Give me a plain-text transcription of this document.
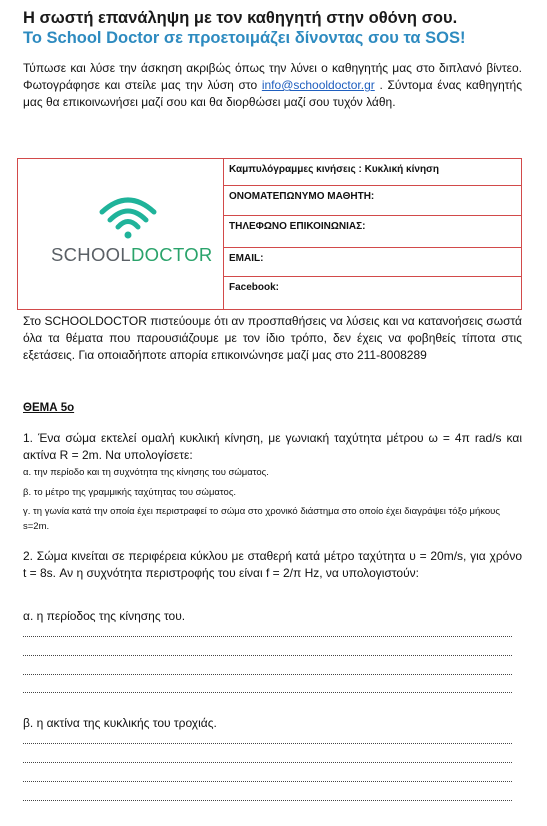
Η σωστή επανάληψη με τον καθηγητή στην οθόνη σου.
Το School Doctor σε προετοιμάζει δίνοντας σου τα SOS!
Τύπωσε και λύσε την άσκηση ακριβώς όπως την λύνει ο καθηγητής μας στο διπλανό βίντεο. Φωτογράφησε και στείλε μας την λύση στο info@schooldoctor.gr . Σύντομα ένας καθηγητής μας θα επικοινωνήσει μαζί σου και θα διορθώσει μαζί σου τυχόν λάθη.
SCHOOLDOCTOR
Καμπυλόγραμμες κινήσεις : Κυκλική κίνηση
ΟΝΟΜΑΤΕΠΩΝΥΜΟ ΜΑΘΗΤΗ:
ΤΗΛΕΦΩΝΟ ΕΠΙΚΟΙΝΩΝΙΑΣ:
EMAIL:
Facebook:
Στο SCHOOLDOCTOR πιστεύουμε ότι αν προσπαθήσεις να λύσεις και να κατανοήσεις σωστά όλα τα θέματα που παρουσιάζουμε με τον ίδιο τρόπο, δεν έχεις να φοβηθείς τίποτα στις εξετάσεις. Για οποιαδήποτε απορία επικοινώνησε μαζί μας στο 211-8008289
ΘΕΜΑ 5ο
1. Ένα σώμα εκτελεί ομαλή κυκλική κίνηση, με γωνιακή ταχύτητα μέτρου ω = 4π rad/s και ακτίνα R = 2m. Να υπολογίσετε:
α. την περίοδο και τη συχνότητα της κίνησης του σώματος.
β. το μέτρο της γραμμικής ταχύτητας του σώματος.
γ. τη γωνία κατά την οποία έχει περιστραφεί το σώμα στο χρονικό διάστημα στο οποίο έχει διαγράψει τόξο μήκους s=2m.
2. Σώμα κινείται σε περιφέρεια κύκλου με σταθερή κατά μέτρο ταχύτητα υ = 20m/s, για χρόνο t = 8s. Αν η συχνότητα περιστροφής του είναι f = 2/π Hz, να υπολογιστούν:
α. η περίοδος της κίνησης του.
β. η ακτίνα της κυκλικής του τροχιάς.
